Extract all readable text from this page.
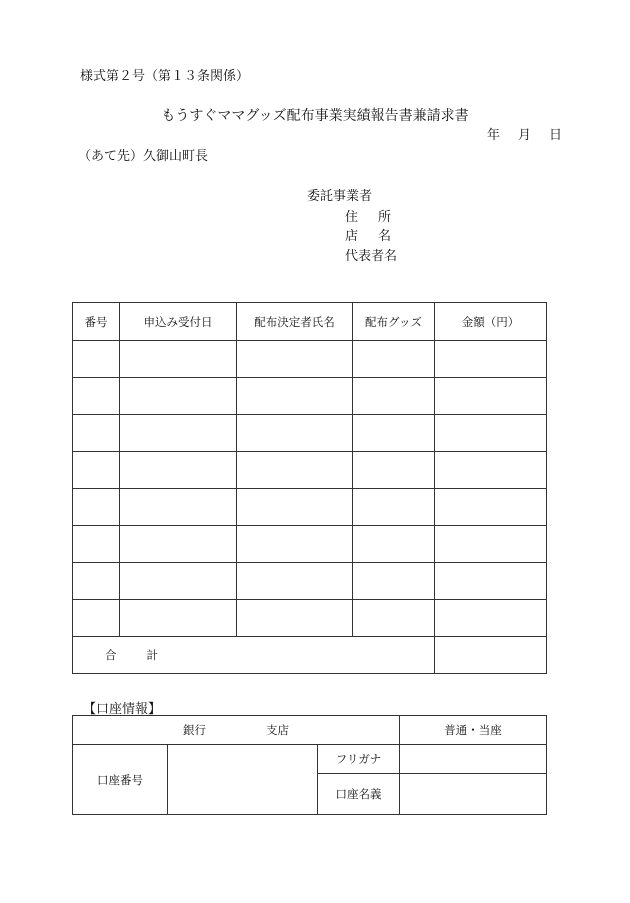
様式第２号（第１３条関係）
もうすぐママグッズ配布事業実績報告書兼請求書
年 月 日
（あて先）久御山町長
委託事業者
住 所
店 名
代表者名
番号	申込み受付日	配布決定者氏名	配布グッズ	金額（円）

合 計				
【口座情報】
銀行 支店			普通・当座
口座番号		フリガナ	
		口座名義	
